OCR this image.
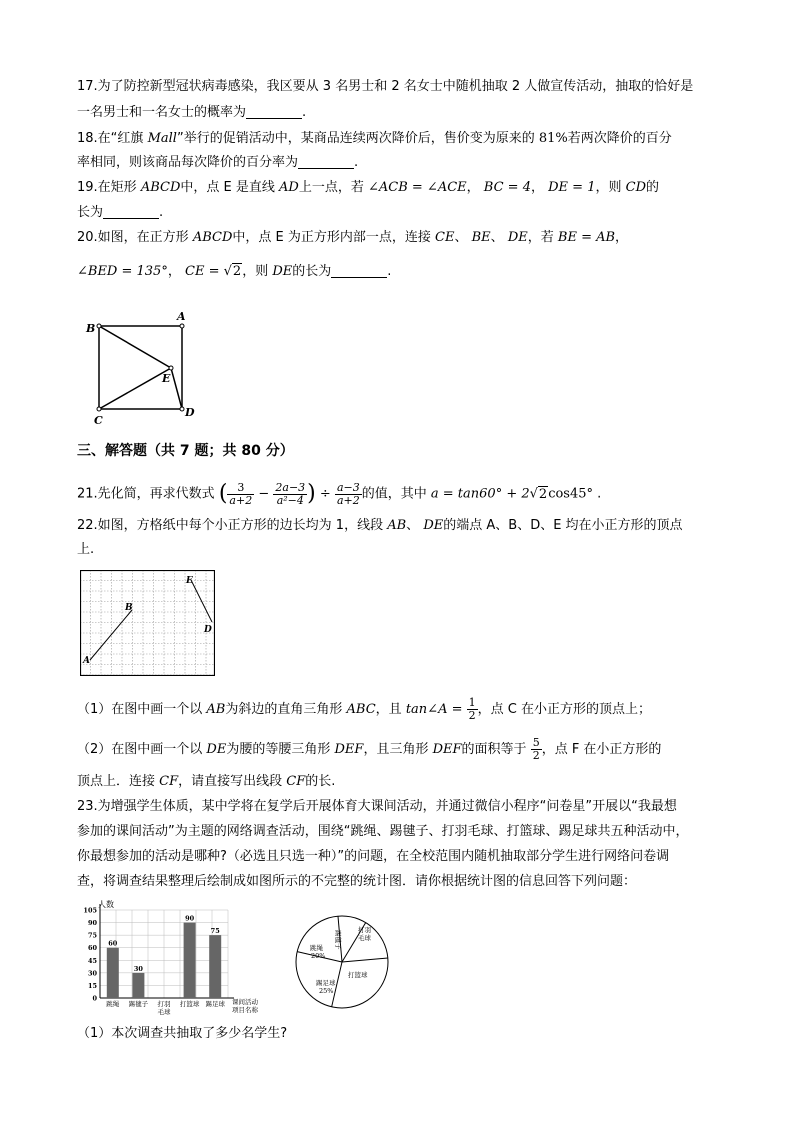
17.为了防控新型冠状病毒感染，我区要从 3 名男士和 2 名女士中随机抽取 2 人做宣传活动，抽取的恰好是
一名男士和一名女士的概率为	.
18.在“红旗 Mall”举行的促销活动中，某商品连续两次降价后，售价变为原来的 81%若两次降价的百分
率相同，则该商品每次降价的百分率为	.
19.在矩形 ABCD中，点 E 是直线 AD上一点，若 ∠ACB = ∠ACE， BC = 4， DE = 1，则 CD的
长为	.
20.如图，在正方形 ABCD中，点 E 为正方形内部一点，连接 CE、 BE、 DE，若 BE = AB，
∠BED = 135°， CE = √2，则 DE的长为	.
B
A
C
D
E
三、解答题（共 7 题；共 80 分）
21.先化简，再求代数式 ( $\frac{3}{a+2} - \frac{2a-3}{\text{a²−4}}$ ) ÷ $\frac{a-3}{a+2}$ 的值，其中 a = tan60° + 2√2cos45° .
22.如图，方格纸中每个小正方形的边长均为 1，线段 AB、 DE的端点 A、B、D、E 均在小正方形的顶点
上.
A
B
E
D
（1）在图中画一个以 AB为斜边的直角三角形 ABC，且 tan∠A = $\frac{1}{2}$ ，点 C 在小正方形的顶点上；
（2）在图中画一个以 DE为腰的等腰三角形 DEF，且三角形 DEF的面积等于 $\frac{5}{2}$ ，点 F 在小正方形的
顶点上．连接 CF，请直接写出线段 CF的长.
23.为增强学生体质，某中学将在复学后开展体育大课间活动，并通过微信小程序“问卷星”开展以“我最想
参加的课间活动”为主题的网络调查活动，围绕“跳绳、踢毽子、打羽毛球、打篮球、踢足球共五种活动中，
你最想参加的活动是哪种?（必选且只选一种）”的问题，在全校范围内随机抽取部分学生进行网络问卷调
查，将调查结果整理后绘制成如图所示的不完整的统计图．请你根据统计图的信息回答下列问题：
0
15
30
45
60
75
90
105
60
30
90
75
跳绳 踢毽子 打羽
毛球
打篮球 踢足球
人数
课间活动
项目名称
跳绳
20%
踢足球
25%
打篮球
打羽
毛球
踢毽子
（1）本次调查共抽取了多少名学生?
